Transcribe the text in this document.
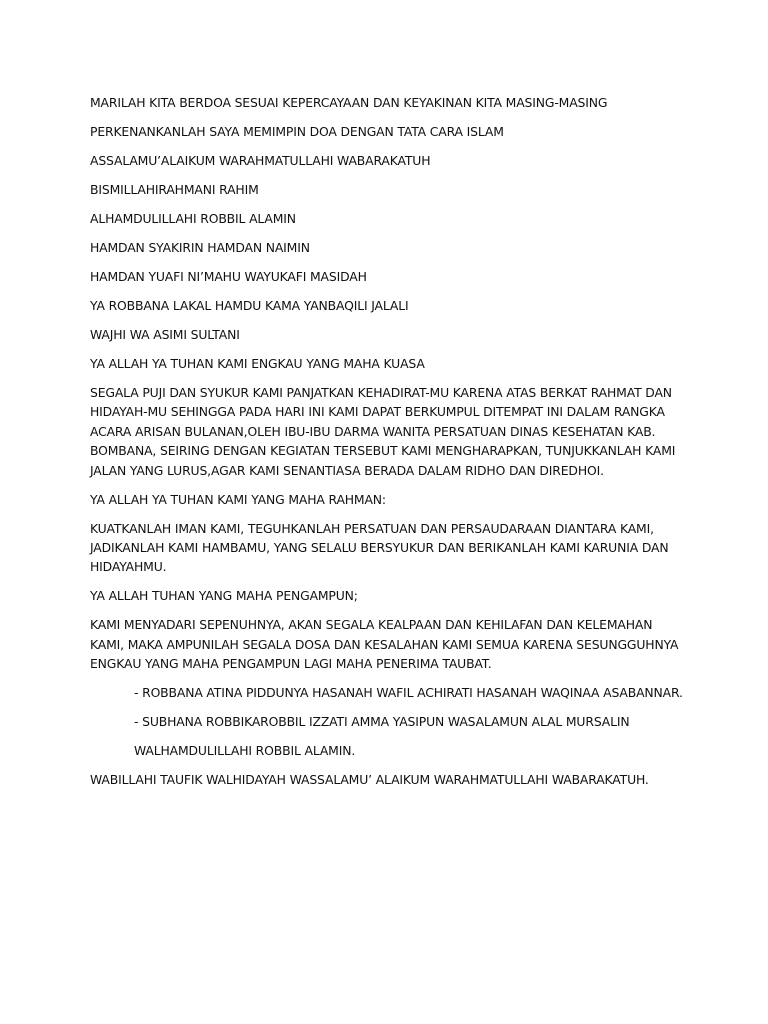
MARILAH KITA BERDOA SESUAI KEPERCAYAAN DAN KEYAKINAN KITA MASING-MASING

PERKENANKANLAH SAYA MEMIMPIN DOA DENGAN TATA CARA ISLAM

ASSALAMU’ALAIKUM WARAHMATULLAHI WABARAKATUH

BISMILLAHIRAHMANI RAHIM

ALHAMDULILLAHI ROBBIL ALAMIN

HAMDAN SYAKIRIN HAMDAN NAIMIN

HAMDAN YUAFI NI’MAHU WAYUKAFI MASIDAH

YA ROBBANA LAKAL HAMDU KAMA YANBAQILI JALALI

WAJHI WA ASIMI SULTANI

YA ALLAH YA TUHAN KAMI ENGKAU YANG MAHA KUASA

SEGALA PUJI DAN SYUKUR KAMI PANJATKAN KEHADIRAT-MU KARENA ATAS BERKAT RAHMAT DAN HIDAYAH-MU SEHINGGA PADA HARI INI KAMI DAPAT BERKUMPUL DITEMPAT INI DALAM RANGKA ACARA ARISAN BULANAN,OLEH IBU-IBU DARMA WANITA PERSATUAN DINAS KESEHATAN KAB. BOMBANA, SEIRING DENGAN KEGIATAN TERSEBUT KAMI MENGHARAPKAN, TUNJUKKANLAH KAMI JALAN YANG LURUS,AGAR KAMI SENANTIASA BERADA DALAM RIDHO DAN DIREDHOI.

YA ALLAH YA TUHAN KAMI YANG MAHA RAHMAN:

KUATKANLAH IMAN KAMI, TEGUHKANLAH PERSATUAN DAN PERSAUDARAAN DIANTARA KAMI, JADIKANLAH KAMI HAMBAMU, YANG SELALU BERSYUKUR DAN BERIKANLAH KAMI KARUNIA DAN HIDAYAHMU.

YA ALLAH TUHAN YANG MAHA PENGAMPUN;

KAMI MENYADARI SEPENUHNYA, AKAN SEGALA KEALPAAN DAN KEHILAFAN DAN KELEMAHAN KAMI, MAKA AMPUNILAH SEGALA DOSA DAN KESALAHAN KAMI SEMUA KARENA SESUNGGUHNYA ENGKAU YANG MAHA PENGAMPUN LAGI MAHA PENERIMA TAUBAT.

- ROBBANA ATINA PIDDUNYA HASANAH WAFIL ACHIRATI HASANAH WAQINAA ASABANNAR.

- SUBHANA ROBBIKAROBBIL IZZATI AMMA YASIPUN WASALAMUN ALAL MURSALIN

WALHAMDULILLAHI ROBBIL ALAMIN.

WABILLAHI TAUFIK WALHIDAYAH WASSALAMU’ ALAIKUM WARAHMATULLAHI WABARAKATUH.
